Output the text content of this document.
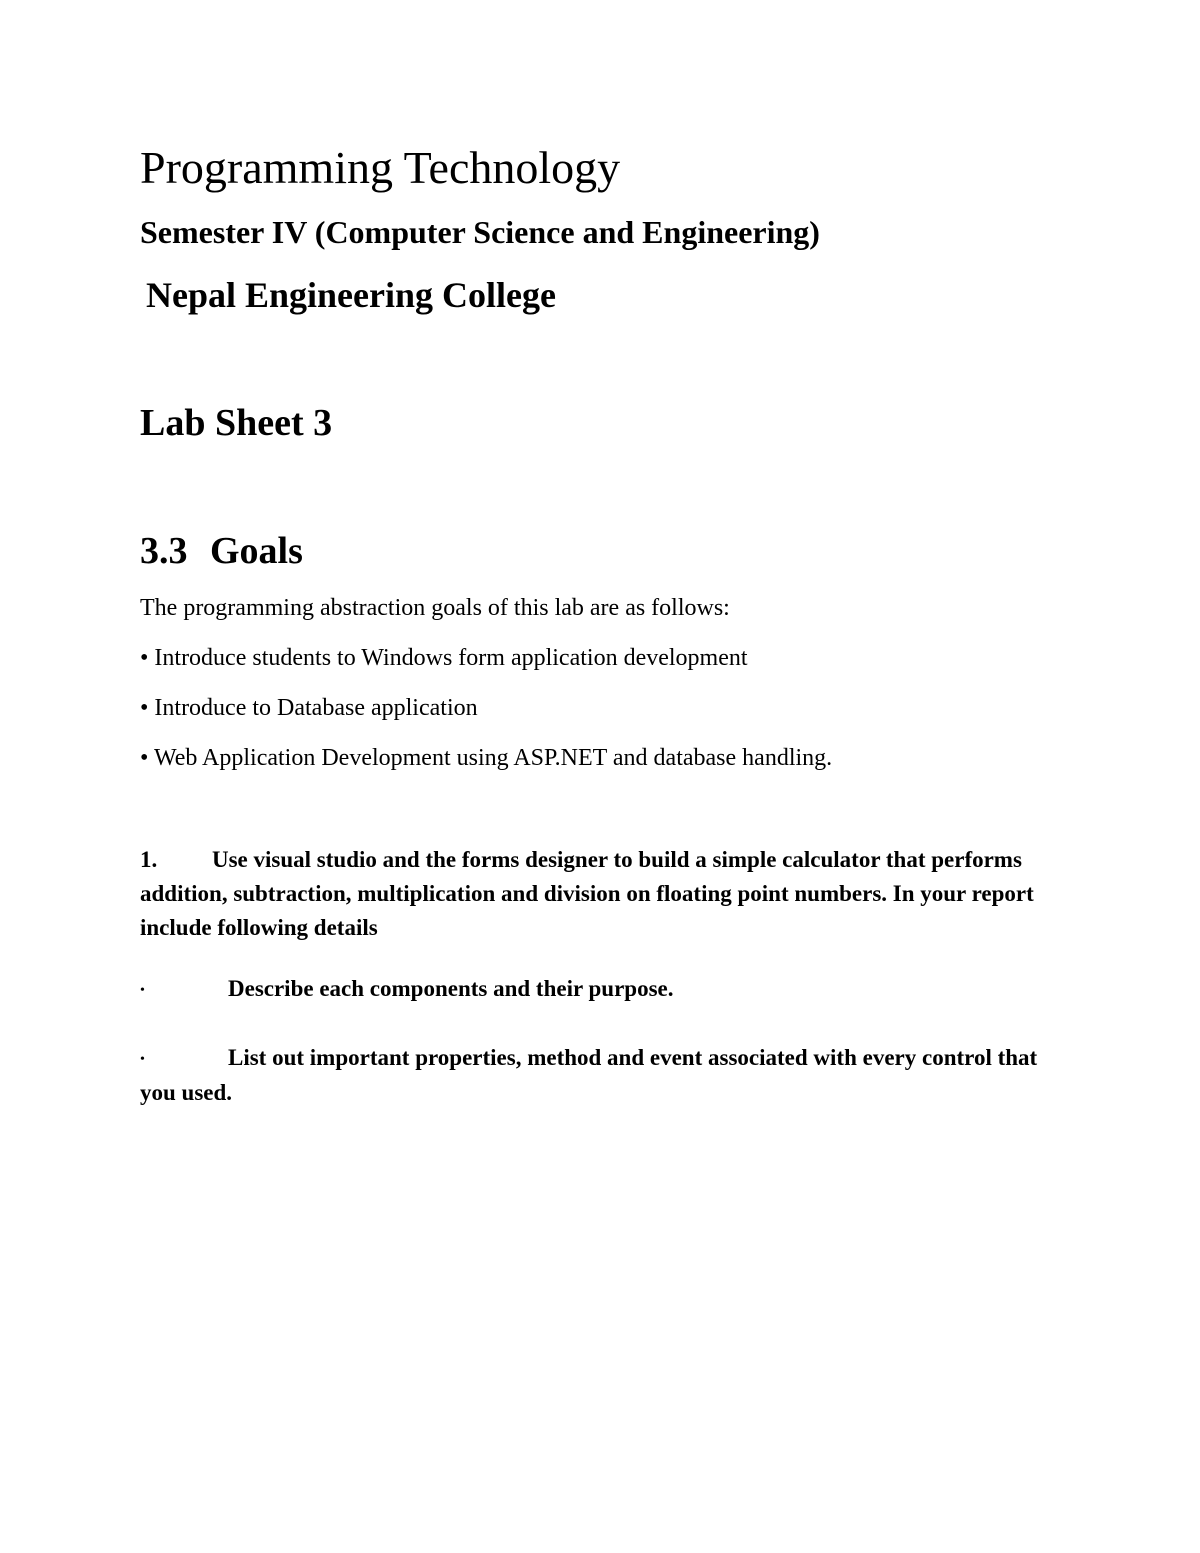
Programming Technology
Semester IV (Computer Science and Engineering)
Nepal Engineering College
Lab Sheet 3
3.3 Goals
The programming abstraction goals of this lab are as follows:
• Introduce students to Windows form application development
• Introduce to Database application
• Web Application Development using ASP.NET and database handling.
1. Use visual studio and the forms designer to build a simple calculator that performs addition, subtraction, multiplication and division on floating point numbers. In your report include following details
•	Describe each components and their purpose.
•	List out important properties, method and event associated with every control that you used.
